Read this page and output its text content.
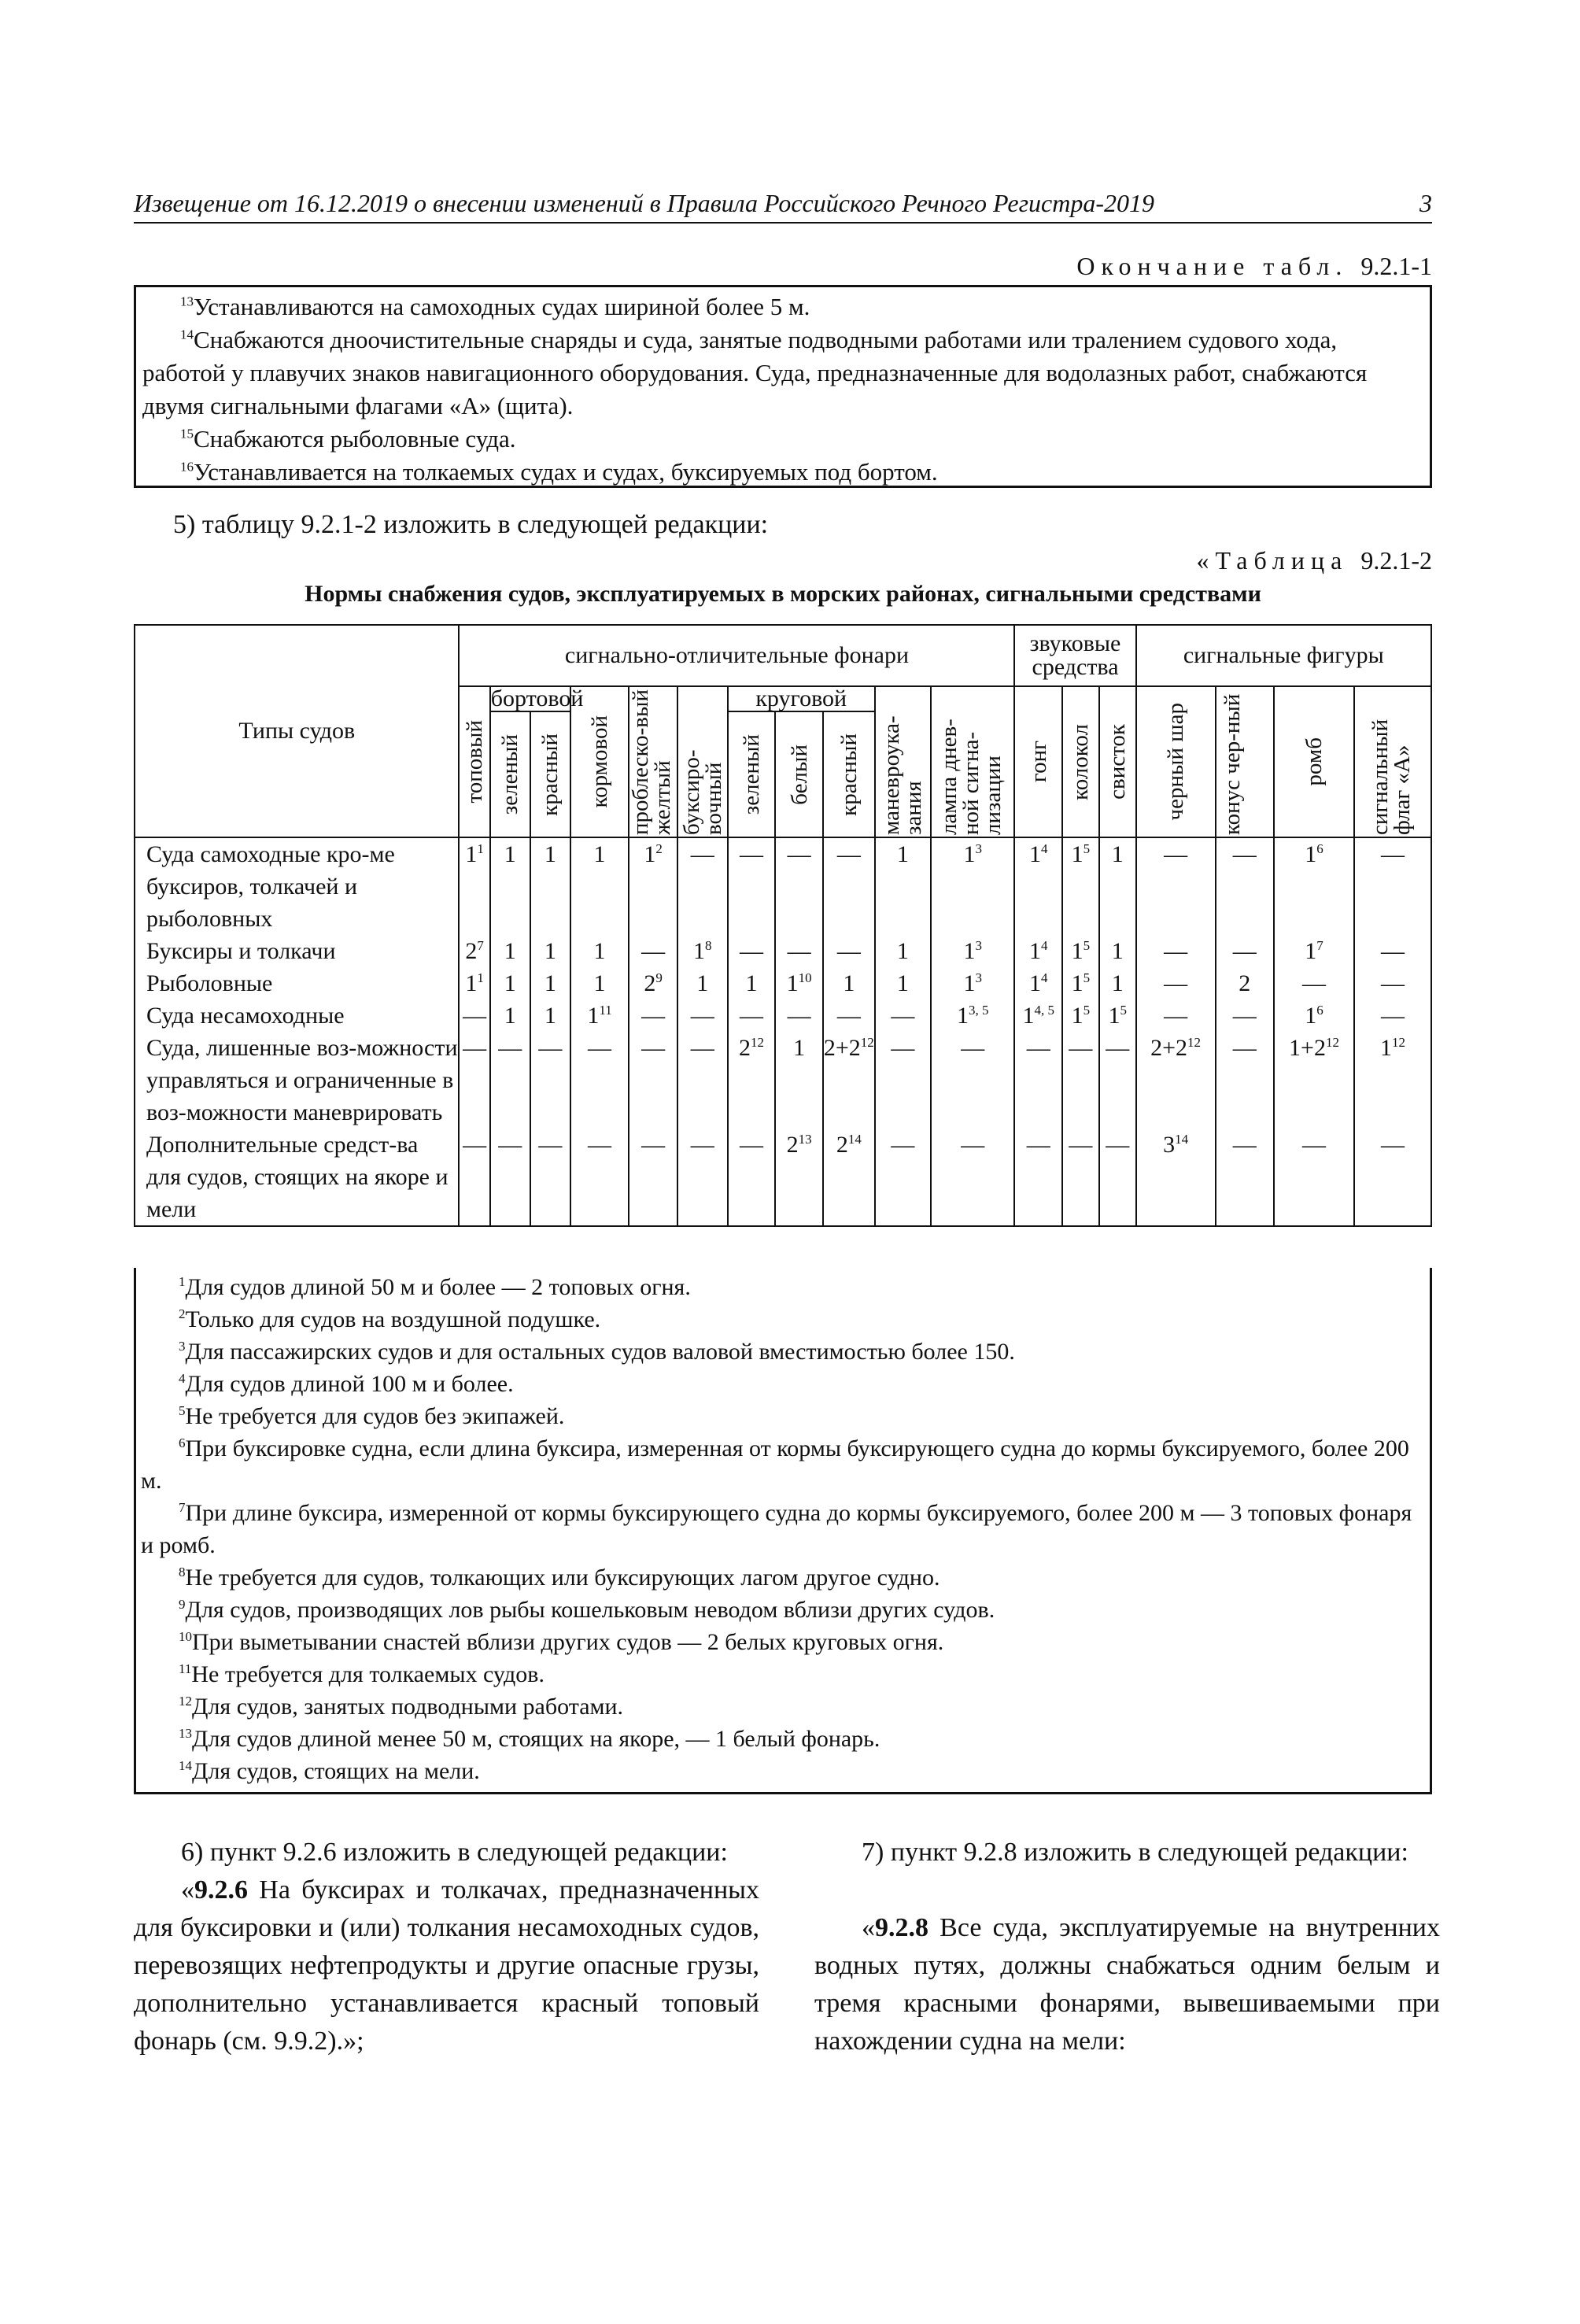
Извещение от 16.12.2019 о внесении изменений в Правила Российского Речного Регистра-2019	3
Окончание табл. 9.2.1-1
$^{13}$Устанавливаются на самоходных судах шириной более 5 м.
$^{14}$Снабжаются дноочистительные снаряды и суда, занятые подводными работами или тралением судового хода, работой у плавучих знаков навигационного оборудования. Суда, предназначенные для водолазных работ, снабжаются двумя сигнальными флагами «А» (щита).
$^{15}$Снабжаются рыболовные суда.
$^{16}$Устанавливается на толкаемых судах и судах, буксируемых под бортом.
5) таблицу 9.2.1-2 изложить в следующей редакции:
«Таблица 9.2.1-2
Нормы снабжения судов, эксплуатируемых в морских районах, сигнальными средствами
Типы судов	сигнально-отличительные фонари											звуковые средства			сигнальные фигуры			

	топовый	бортовой		кормовой	проблеско-вый желтый	буксиро-вочный	круговой			маневроука-зания	лампа днев-ной сигна-лизации	гонг	колокол	свисток	черный шар	конус чер-ный	ромб	сигнальный флаг «А»

		зеленый	красный				зеленый	белый	красный									

Суда самоходные кро-ме буксиров, толкачей и рыболовных	$1^1$	1	1	1	$1^2$	—	—	—	—	1	$1^3$	$1^4$	$1^5$	1	—	—	$1^6$	—
Буксиры и толкачи	$2^7$	1	1	1	—	$1^8$	—	—	—	1	$1^3$	$1^4$	$1^5$	1	—	—	$1^7$	—
Рыболовные	$1^1$	1	1	1	$2^9$	1	1	$1^{10}$	1	1	$1^3$	$1^4$	$1^5$	1	—	2	—	—
Суда несамоходные	—	1	1	$1^{11}$	—	—	—	—	—	—	1$^{3, 5}$	1$^{4, 5}$	$1^5$	$1^5$	—	—	$1^6$	—
Суда, лишенные воз-можности управляться и ограниченные в воз-можности маневрировать	—	—	—	—	—	—	$2^{12}$	1	$2+2^{12}$	—	—	—	—	—	$2+2^{12}$	—	$1+2^{12}$	$1^{12}$
Дополнительные средст-ва для судов, стоящих на якоре и мели	—	—	—	—	—	—	—	$2^{13}$	$2^{14}$	—	—	—	—	—	$3^{14}$	—	—	—
$^1$Для судов длиной 50 м и более — 2 топовых огня.
$^2$Только для судов на воздушной подушке.
$^3$Для пассажирских судов и для остальных судов валовой вместимостью более 150.
$^4$Для судов длиной 100 м и более.
$^5$Не требуется для судов без экипажей.
$^6$При буксировке судна, если длина буксира, измеренная от кормы буксирующего судна до кормы буксируемого, более 200 м.
$^7$При длине буксира, измеренной от кормы буксирующего судна до кормы буксируемого, более 200 м — 3 топовых фонаря и ромб.
$^8$Не требуется для судов, толкающих или буксирующих лагом другое судно.
$^9$Для судов, производящих лов рыбы кошельковым неводом вблизи других судов.
$^{10}$При выметывании снастей вблизи других судов — 2 белых круговых огня.
$^{11}$Не требуется для толкаемых судов.
$^{12}$Для судов, занятых подводными работами.
$^{13}$Для судов длиной менее 50 м, стоящих на якоре, — 1 белый фонарь.
$^{14}$Для судов, стоящих на мели.

6) пункт 9.2.6 изложить в следующей редакции:

«9.2.6 На буксирах и толкачах, предназначенных для буксировки и (или) толкания несамоходных судов, перевозящих нефтепродукты и другие опасные грузы, дополнительно устанавливается красный топовый фонарь (см. 9.9.2).»;

7) пункт 9.2.8 изложить в следующей редакции:

«9.2.8 Все суда, эксплуатируемые на внутренних водных путях, должны снабжаться одним белым и тремя красными фонарями, вывешиваемыми при нахождении судна на мели:
